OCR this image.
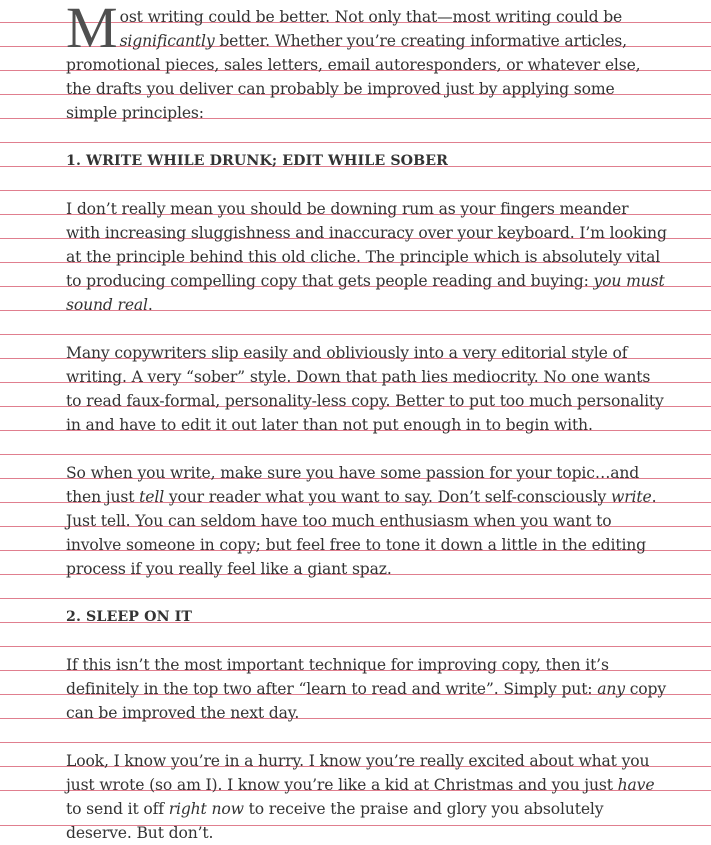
Most writing could be better. Not only that—most writing could be significantly better. Whether you’re creating informative articles, promotional pieces, sales letters, email autoresponders, or whatever else, the drafts you deliver can probably be improved just by applying some simple principles:

1. WRITE WHILE DRUNK; EDIT WHILE SOBER

I don’t really mean you should be downing rum as your fingers meander with increasing sluggishness and inaccuracy over your keyboard. I’m looking at the principle behind this old cliche. The principle which is absolutely vital to producing compelling copy that gets people reading and buying: you must sound real.

Many copywriters slip easily and obliviously into a very editorial style of writing. A very “sober” style. Down that path lies mediocrity. No one wants to read faux-formal, personality-less copy. Better to put too much personality in and have to edit it out later than not put enough in to begin with.

So when you write, make sure you have some passion for your topic…and then just tell your reader what you want to say. Don’t self-consciously write. Just tell. You can seldom have too much enthusiasm when you want to involve someone in copy; but feel free to tone it down a little in the editing process if you really feel like a giant spaz.

2. SLEEP ON IT

If this isn’t the most important technique for improving copy, then it’s definitely in the top two after “learn to read and write”. Simply put: any copy can be improved the next day.

Look, I know you’re in a hurry. I know you’re really excited about what you just wrote (so am I). I know you’re like a kid at Christmas and you just have to send it off right now to receive the praise and glory you absolutely deserve. But don’t.
